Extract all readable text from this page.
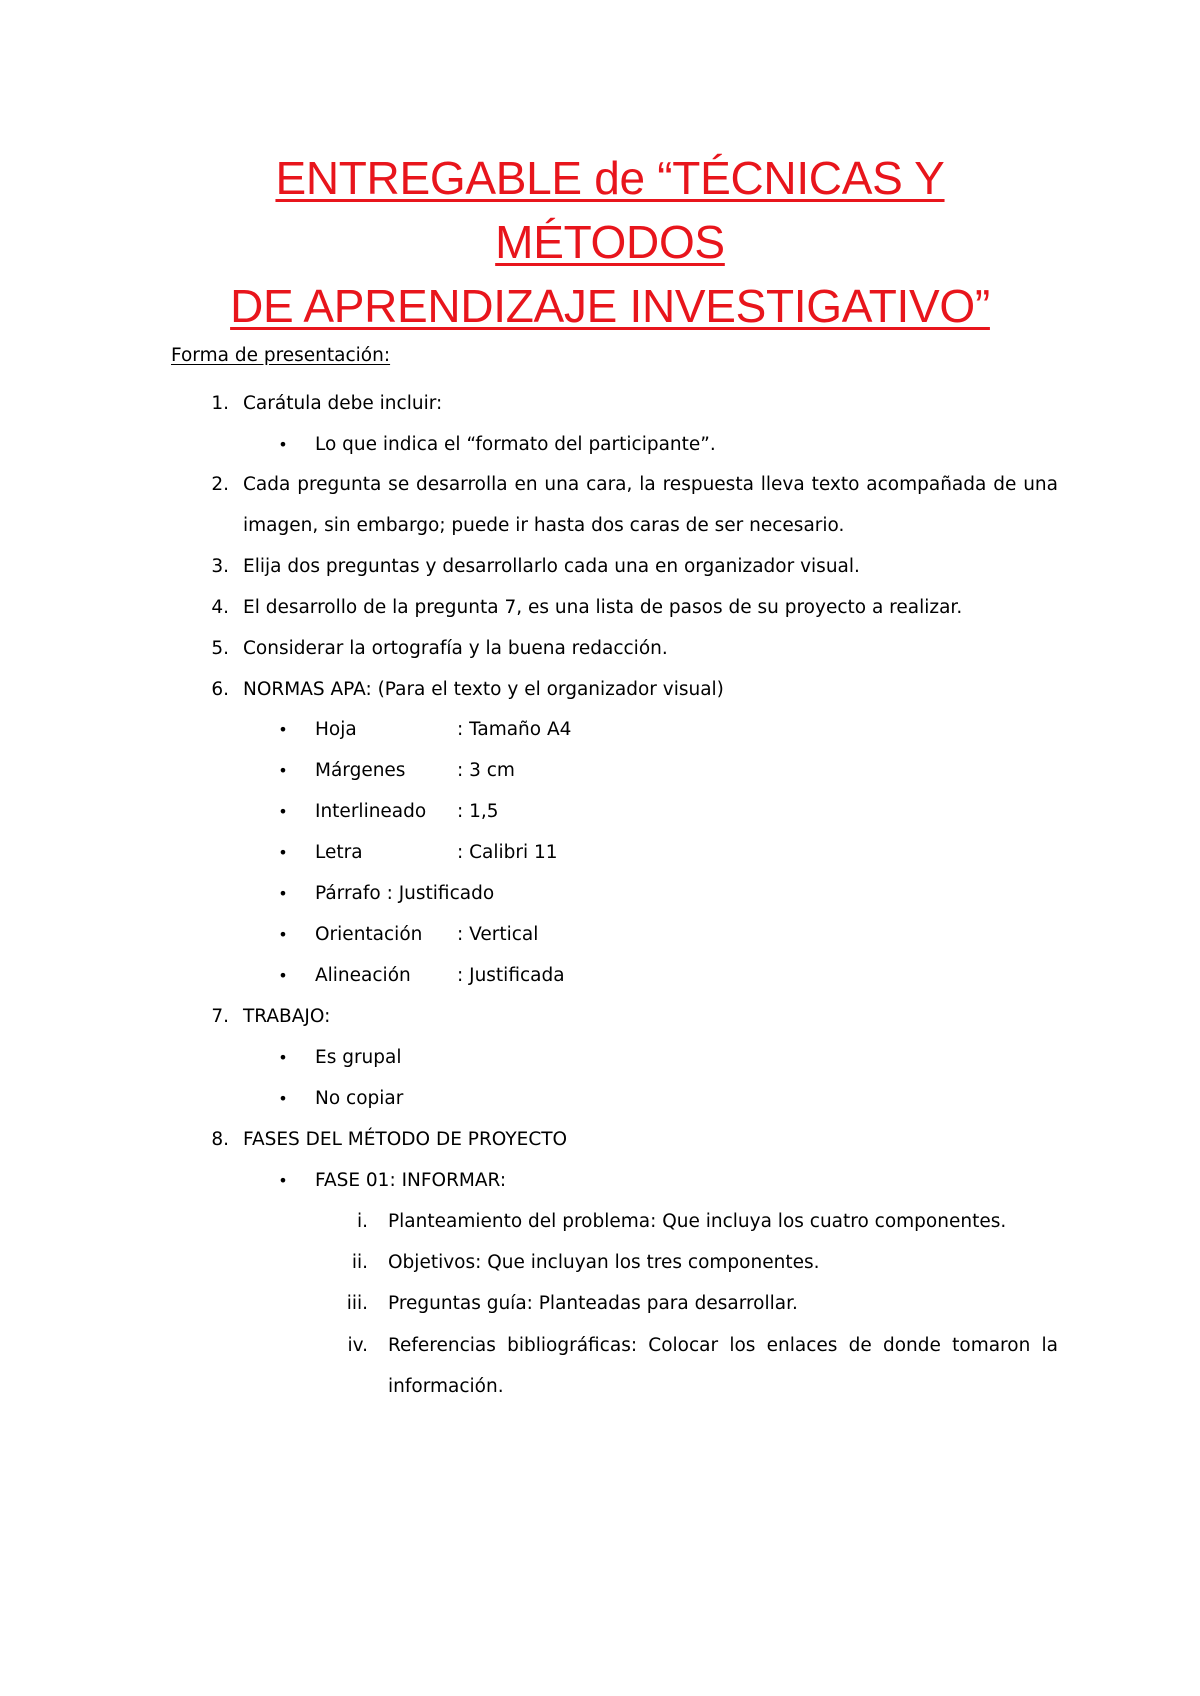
ENTREGABLE de “TÉCNICAS Y MÉTODOS
DE APRENDIZAJE INVESTIGATIVO”
Forma de presentación:
1. Carátula debe incluir:
• Lo que indica el “formato del participante”.
2. Cada pregunta se desarrolla en una cara, la respuesta lleva texto acompañada de una
imagen, sin embargo; puede ir hasta dos caras de ser necesario.
3. Elija dos preguntas y desarrollarlo cada una en organizador visual.
4. El desarrollo de la pregunta 7, es una lista de pasos de su proyecto a realizar.
5. Considerar la ortografía y la buena redacción.
6. NORMAS APA: (Para el texto y el organizador visual)
• Hoja	: Tamaño A4
• Márgenes	: 3 cm
• Interlineado : 1,5
• Letra	: Calibri 11
• Párrafo : Justificado
• Orientación : Vertical
• Alineación	: Justificada
7. TRABAJO:
• Es grupal
• No copiar
8. FASES DEL MÉTODO DE PROYECTO
• FASE 01: INFORMAR:
i. Planteamiento del problema: Que incluya los cuatro componentes.
ii. Objetivos: Que incluyan los tres componentes.
iii. Preguntas guía: Planteadas para desarrollar.
iv. Referencias bibliográficas: Colocar los enlaces de donde tomaron la
información.
